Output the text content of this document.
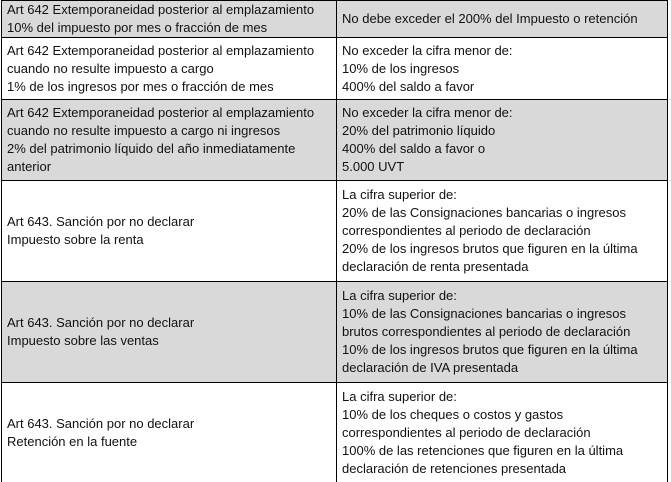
Art 642 Extemporaneidad posterior al emplazamiento
10% del impuesto por mes o fracción de mes
No debe exceder el 200% del Impuesto o retención
Art 642 Extemporaneidad posterior al emplazamiento
cuando no resulte impuesto a cargo
1% de los ingresos por mes o fracción de mes
No exceder la cifra menor de:
10% de los ingresos
400% del saldo a favor
Art 642 Extemporaneidad posterior al emplazamiento
cuando no resulte impuesto a cargo ni ingresos
2% del patrimonio líquido del año inmediatamente
anterior
No exceder la cifra menor de:
20% del patrimonio líquido
400% del saldo a favor o
5.000 UVT
Art 643. Sanción por no declarar
Impuesto sobre la renta
La cifra superior de:
20% de las Consignaciones bancarias o ingresos
correspondientes al periodo de declaración
20% de los ingresos brutos que figuren en la última
declaración de renta presentada
Art 643. Sanción por no declarar
Impuesto sobre las ventas
La cifra superior de:
10% de las Consignaciones bancarias o ingresos
brutos correspondientes al periodo de declaración
10% de los ingresos brutos que figuren en la última
declaración de IVA presentada
Art 643. Sanción por no declarar
Retención en la fuente
La cifra superior de:
10% de los cheques o costos y gastos
correspondientes al periodo de declaración
100% de las retenciones que figuren en la última
declaración de retenciones presentada
